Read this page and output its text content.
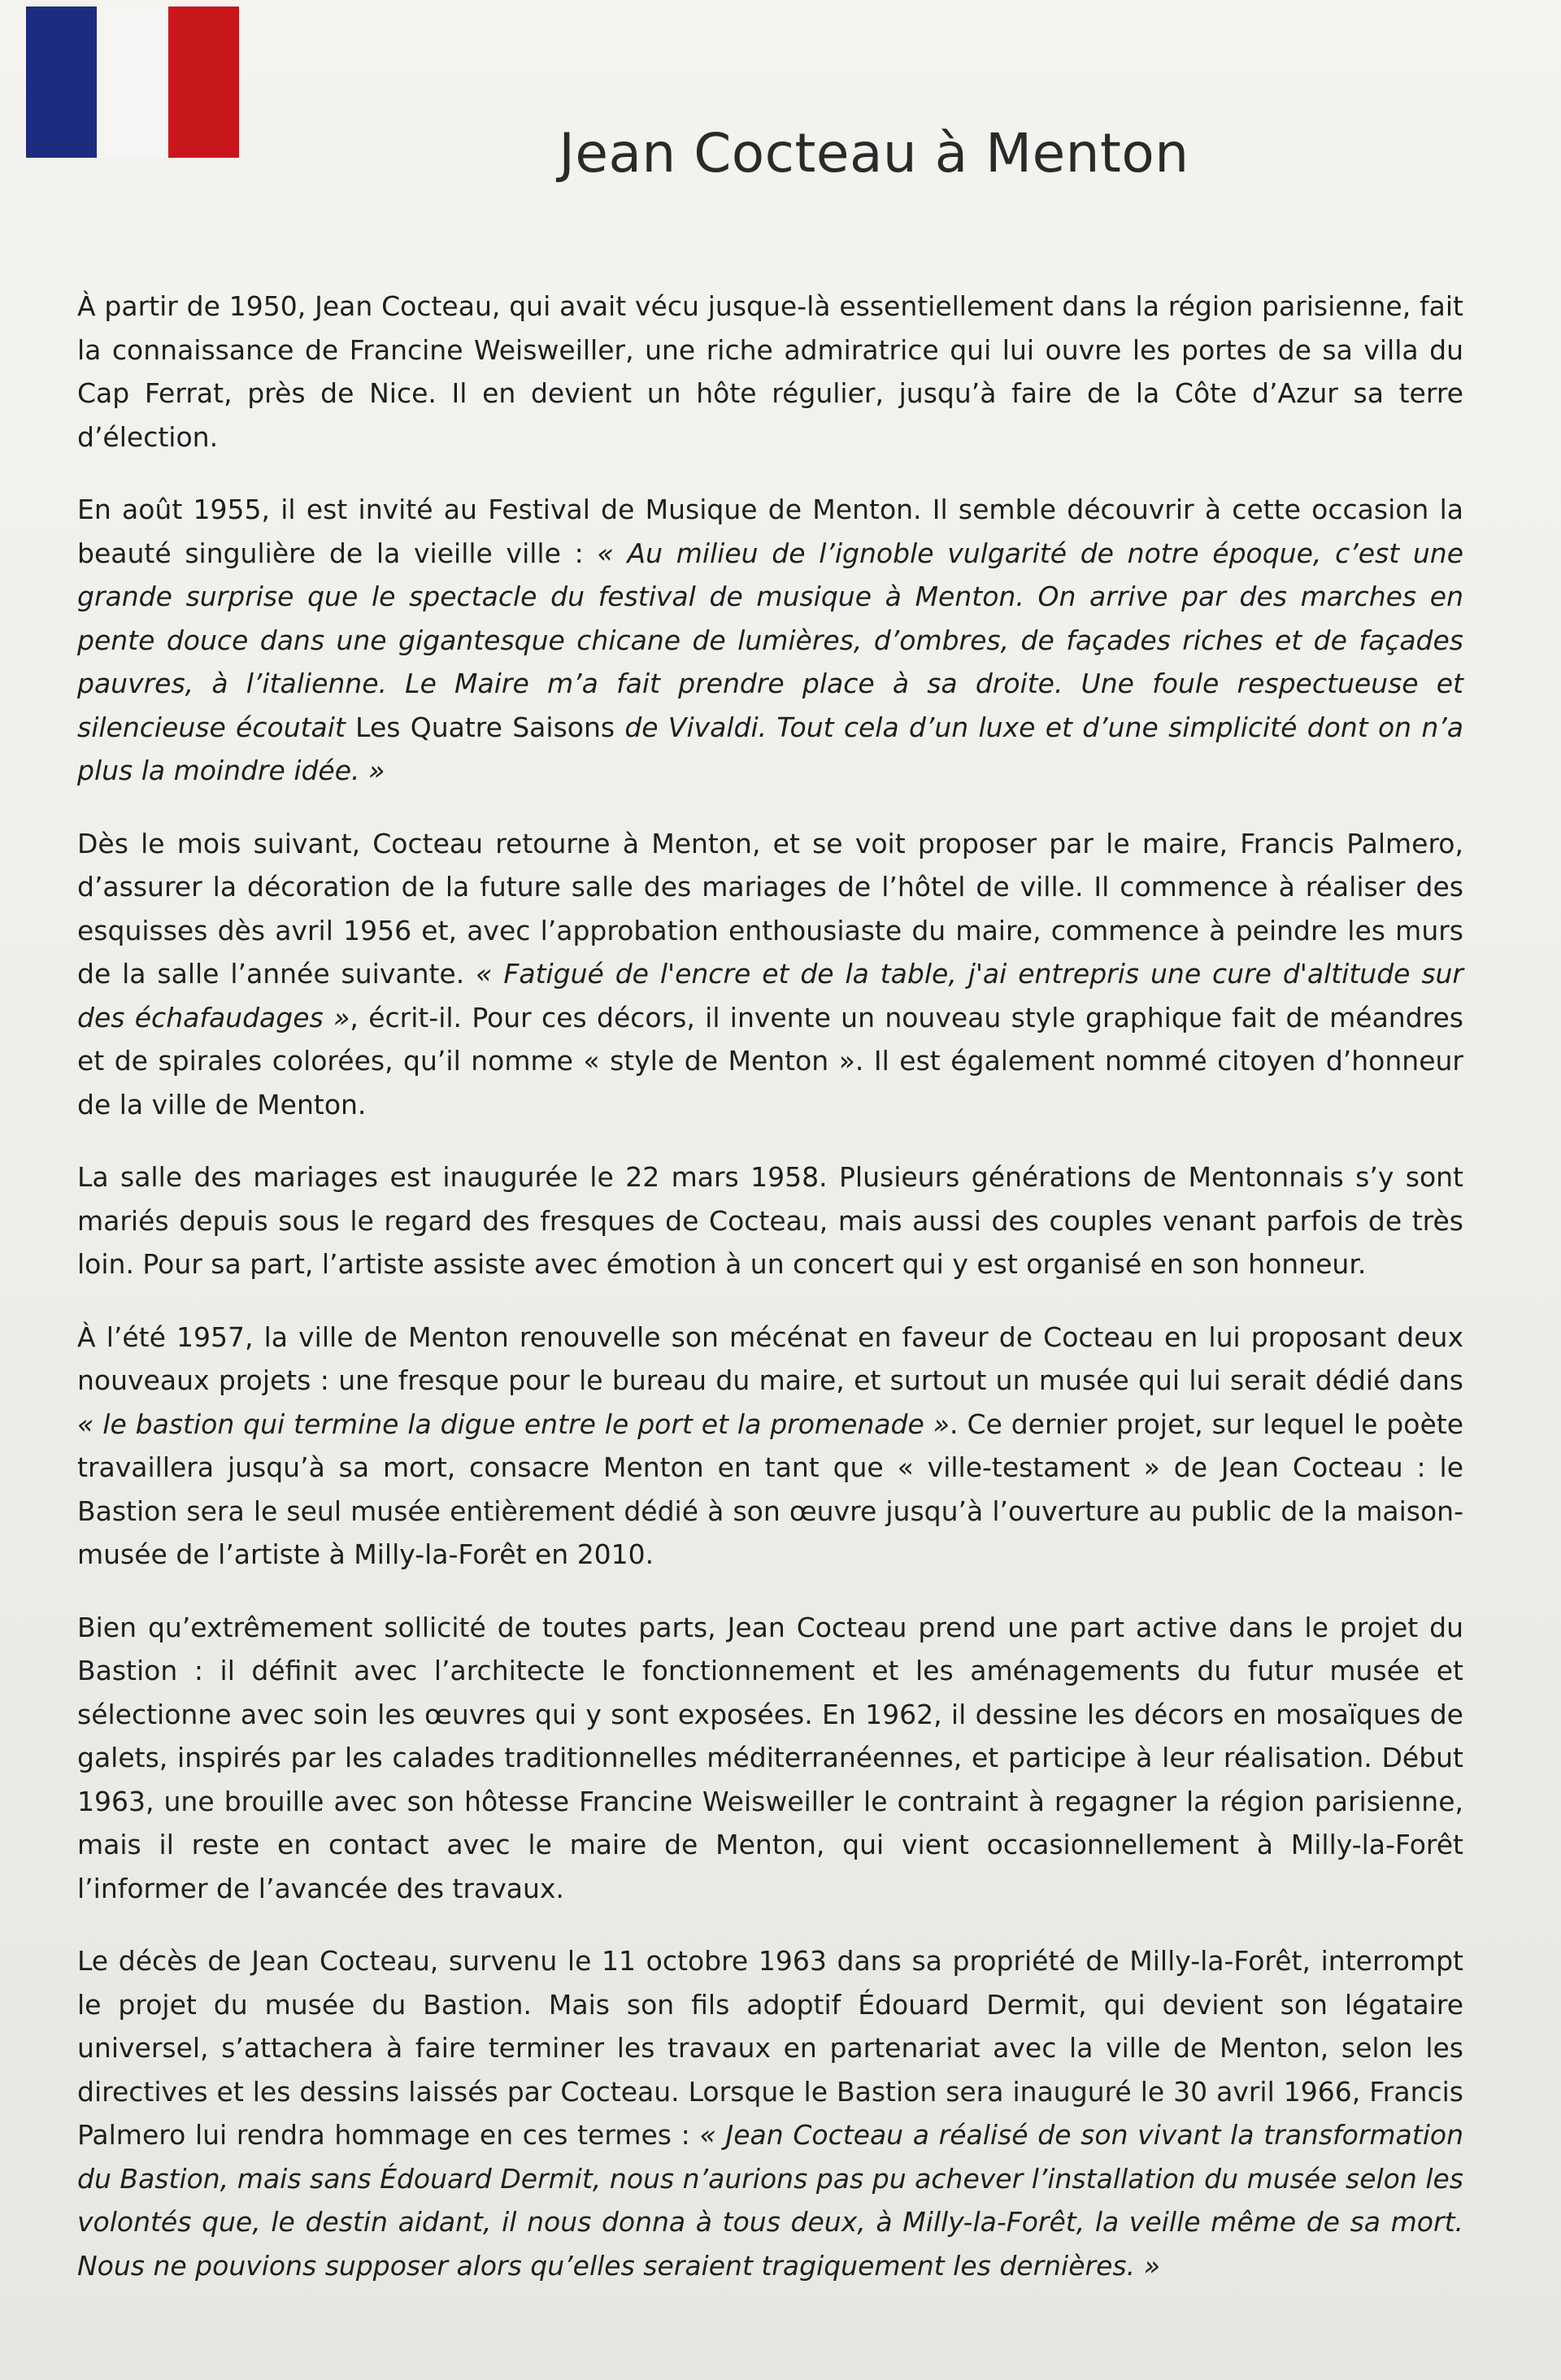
Jean Cocteau à Menton

À partir de 1950, Jean Cocteau, qui avait vécu jusque-là essentiellement dans la région parisienne, fait la connaissance de Francine Weisweiller, une riche admiratrice qui lui ouvre les portes de sa villa du Cap Ferrat, près de Nice. Il en devient un hôte régulier, jusqu’à faire de la Côte d’Azur sa terre d’élection.

En août 1955, il est invité au Festival de Musique de Menton. Il semble découvrir à cette occasion la beauté singulière de la vieille ville : « Au milieu de l’ignoble vulgarité de notre époque, c’est une grande surprise que le spectacle du festival de musique à Menton. On arrive par des marches en pente douce dans une gigantesque chicane de lumières, d’ombres, de façades riches et de façades pauvres, à l’italienne. Le Maire m’a fait prendre place à sa droite. Une foule respectueuse et silencieuse écoutait Les Quatre Saisons de Vivaldi. Tout cela d’un luxe et d’une simplicité dont on n’a plus la moindre idée. »

Dès le mois suivant, Cocteau retourne à Menton, et se voit proposer par le maire, Francis Palmero, d’assurer la décoration de la future salle des mariages de l’hôtel de ville. Il commence à réaliser des esquisses dès avril 1956 et, avec l’approbation enthousiaste du maire, commence à peindre les murs de la salle l’année suivante. « Fatigué de l'encre et de la table, j'ai entrepris une cure d'altitude sur des échafaudages », écrit-il. Pour ces décors, il invente un nouveau style graphique fait de méandres et de spirales colorées, qu’il nomme « style de Menton ». Il est également nommé citoyen d’honneur de la ville de Menton.

La salle des mariages est inaugurée le 22 mars 1958. Plusieurs générations de Mentonnais s’y sont mariés depuis sous le regard des fresques de Cocteau, mais aussi des couples venant parfois de très loin. Pour sa part, l’artiste assiste avec émotion à un concert qui y est organisé en son honneur.

À l’été 1957, la ville de Menton renouvelle son mécénat en faveur de Cocteau en lui proposant deux nouveaux projets : une fresque pour le bureau du maire, et surtout un musée qui lui serait dédié dans « le bastion qui termine la digue entre le port et la promenade ». Ce dernier projet, sur lequel le poète travaillera jusqu’à sa mort, consacre Menton en tant que « ville-testament » de Jean Cocteau : le Bastion sera le seul musée entièrement dédié à son œuvre jusqu’à l’ouverture au public de la maison-musée de l’artiste à Milly-la-Forêt en 2010.

Bien qu’extrêmement sollicité de toutes parts, Jean Cocteau prend une part active dans le projet du Bastion : il définit avec l’architecte le fonctionnement et les aménagements du futur musée et sélectionne avec soin les œuvres qui y sont exposées. En 1962, il dessine les décors en mosaïques de galets, inspirés par les calades traditionnelles méditerranéennes, et participe à leur réalisation. Début 1963, une brouille avec son hôtesse Francine Weisweiller le contraint à regagner la région parisienne, mais il reste en contact avec le maire de Menton, qui vient occasionnellement à Milly-la-Forêt l’informer de l’avancée des travaux.

Le décès de Jean Cocteau, survenu le 11 octobre 1963 dans sa propriété de Milly-la-Forêt, interrompt le projet du musée du Bastion. Mais son fils adoptif Édouard Dermit, qui devient son légataire universel, s’attachera à faire terminer les travaux en partenariat avec la ville de Menton, selon les directives et les dessins laissés par Cocteau. Lorsque le Bastion sera inauguré le 30 avril 1966, Francis Palmero lui rendra hommage en ces termes : « Jean Cocteau a réalisé de son vivant la transformation du Bastion, mais sans Édouard Dermit, nous n’aurions pas pu achever l’installation du musée selon les volontés que, le destin aidant, il nous donna à tous deux, à Milly-la-Forêt, la veille même de sa mort. Nous ne pouvions supposer alors qu’elles seraient tragiquement les dernières. »
